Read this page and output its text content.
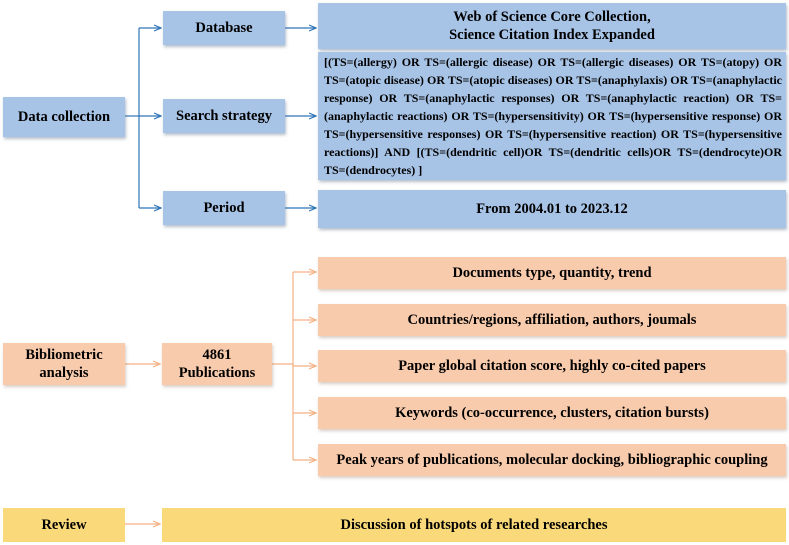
Data collection
Database
Web of Science Core Collection,
Science Citation Index Expanded
Search strategy
[(TS=(allergy) OR TS=(allergic disease) OR TS=(allergic diseases) OR TS=(atopy) OR TS=(atopic disease) OR TS=(atopic diseases) OR TS=(anaphylaxis) OR TS=(anaphylactic response) OR TS=(anaphylactic responses) OR TS=(anaphylactic reaction) OR TS=(anaphylactic reactions) OR TS=(hypersensitivity) OR TS=(hypersensitive response) OR TS=(hypersensitive responses) OR TS=(hypersensitive reaction) OR TS=(hypersensitive reactions)] AND [(TS=(dendritic cell)OR TS=(dendritic cells)OR TS=(dendrocyte)OR TS=(dendrocytes) ]
Period	From 2004.01 to 2023.12
Bibliometric
analysis
4861
Publications
Documents type, quantity, trend
Countries/regions, affiliation, authors, joumals
Paper global citation score, highly co-cited papers
Keywords (co-occurrence, clusters, citation bursts)
Peak years of publications, molecular docking, bibliographic coupling
Review	Discussion of hotspots of related researches
